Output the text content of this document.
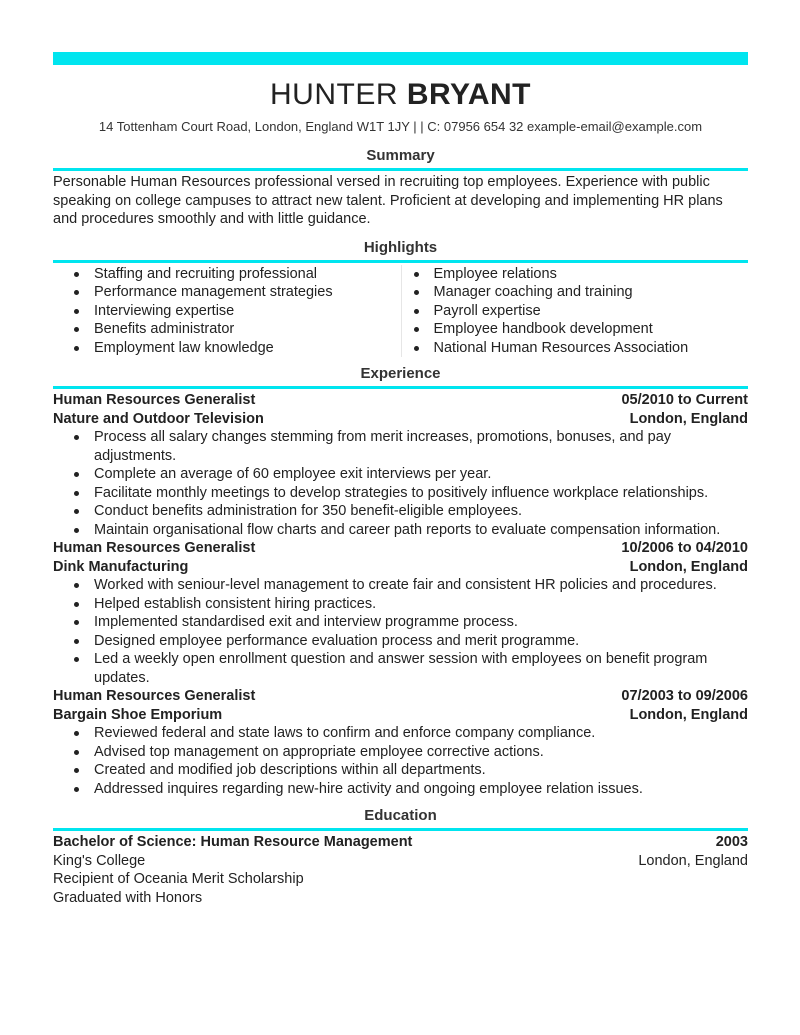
HUNTER BRYANT
14 Tottenham Court Road, London, England W1T 1JY | | C: 07956 654 32 example-email@example.com
Summary
Personable Human Resources professional versed in recruiting top employees. Experience with public speaking on college campuses to attract new talent. Proficient at developing and implementing HR plans and procedures smoothly and with little guidance.
Highlights
Staffing and recruiting professional
Performance management strategies
Interviewing expertise
Benefits administrator
Employment law knowledge
Employee relations
Manager coaching and training
Payroll expertise
Employee handbook development
National Human Resources Association
Experience
Human Resources Generalist	05/2010 to Current
Nature and Outdoor Television	London, England
Process all salary changes stemming from merit increases, promotions, bonuses, and pay adjustments.
Complete an average of 60 employee exit interviews per year.
Facilitate monthly meetings to develop strategies to positively influence workplace relationships.
Conduct benefits administration for 350 benefit-eligible employees.
Maintain organisational flow charts and career path reports to evaluate compensation information.
Human Resources Generalist	10/2006 to 04/2010
Dink Manufacturing	London, England
Worked with seniour-level management to create fair and consistent HR policies and procedures.
Helped establish consistent hiring practices.
Implemented standardised exit and interview programme process.
Designed employee performance evaluation process and merit programme.
Led a weekly open enrollment question and answer session with employees on benefit program updates.
Human Resources Generalist	07/2003 to 09/2006
Bargain Shoe Emporium	London, England
Reviewed federal and state laws to confirm and enforce company compliance.
Advised top management on appropriate employee corrective actions.
Created and modified job descriptions within all departments.
Addressed inquires regarding new-hire activity and ongoing employee relation issues.
Education
Bachelor of Science: Human Resource Management	2003
King's College	London, England
Recipient of Oceania Merit Scholarship
Graduated with Honors
